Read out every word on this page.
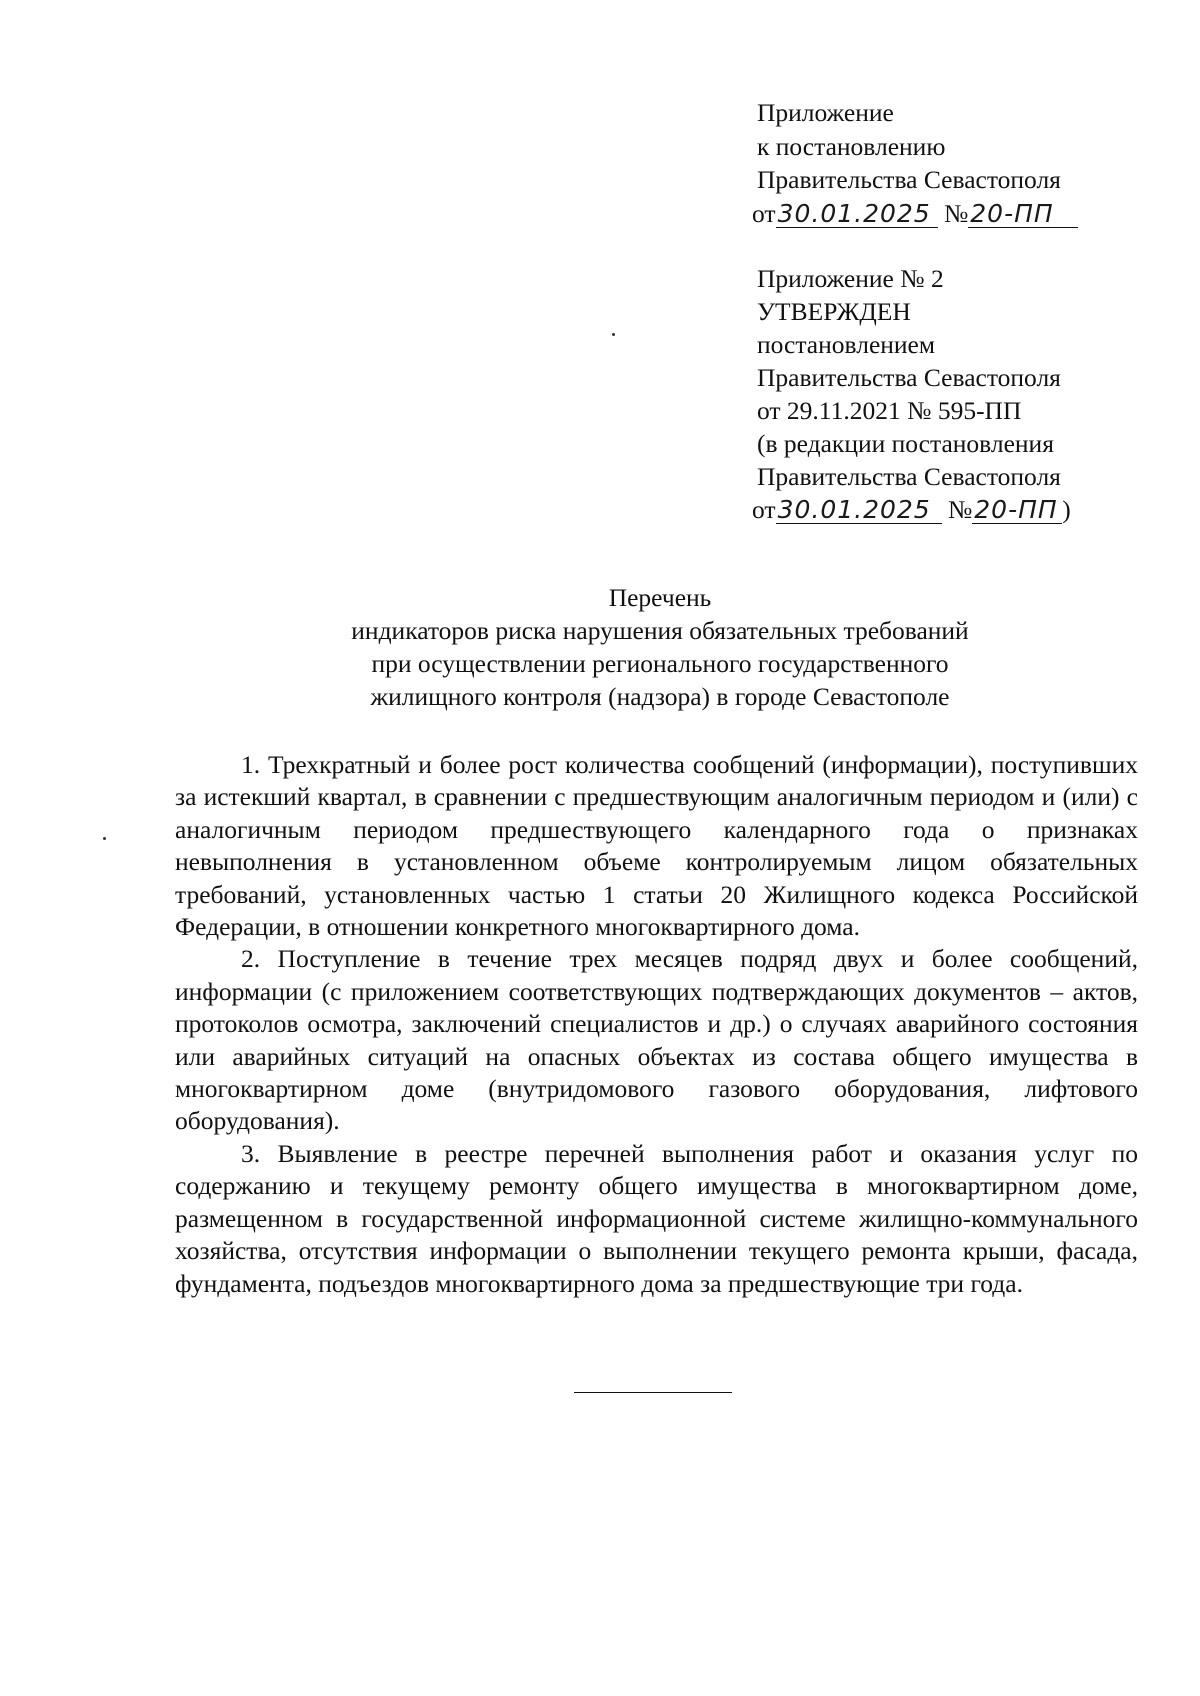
Приложение
к постановлению
Правительства Севастополя
от30.01.2025 №20-ПП
Приложение № 2
УТВЕРЖДЕН
постановлением
Правительства Севастополя
от 29.11.2021 № 595-ПП
(в редакции постановления
Правительства Севастополя
от30.01.2025 №20-ПП )
Перечень
индикаторов риска нарушения обязательных требований
при осуществлении регионального государственного
жилищного контроля (надзора) в городе Севастополе

1. Трехкратный и более рост количества сообщений (информации), поступивших за истекший квартал, в сравнении с предшествующим аналогичным периодом и (или) с аналогичным периодом предшествующего календарного года о признаках невыполнения в установленном объеме контролируемым лицом обязательных требований, установленных частью 1 статьи 20 Жилищного кодекса Российской Федерации, в отношении конкретного многоквартирного дома.

2. Поступление в течение трех месяцев подряд двух и более сообщений, информации (с приложением соответствующих подтверждающих документов – актов, протоколов осмотра, заключений специалистов и др.) о случаях аварийного состояния или аварийных ситуаций на опасных объектах из состава общего имущества в многоквартирном доме (внутридомового газового оборудования, лифтового оборудования).

3. Выявление в реестре перечней выполнения работ и оказания услуг по содержанию и текущему ремонту общего имущества в многоквартирном доме, размещенном в государственной информационной системе жилищно-коммунального хозяйства, отсутствия информации о выполнении текущего ремонта крыши, фасада, фундамента, подъездов многоквартирного дома за предшествующие три года.
